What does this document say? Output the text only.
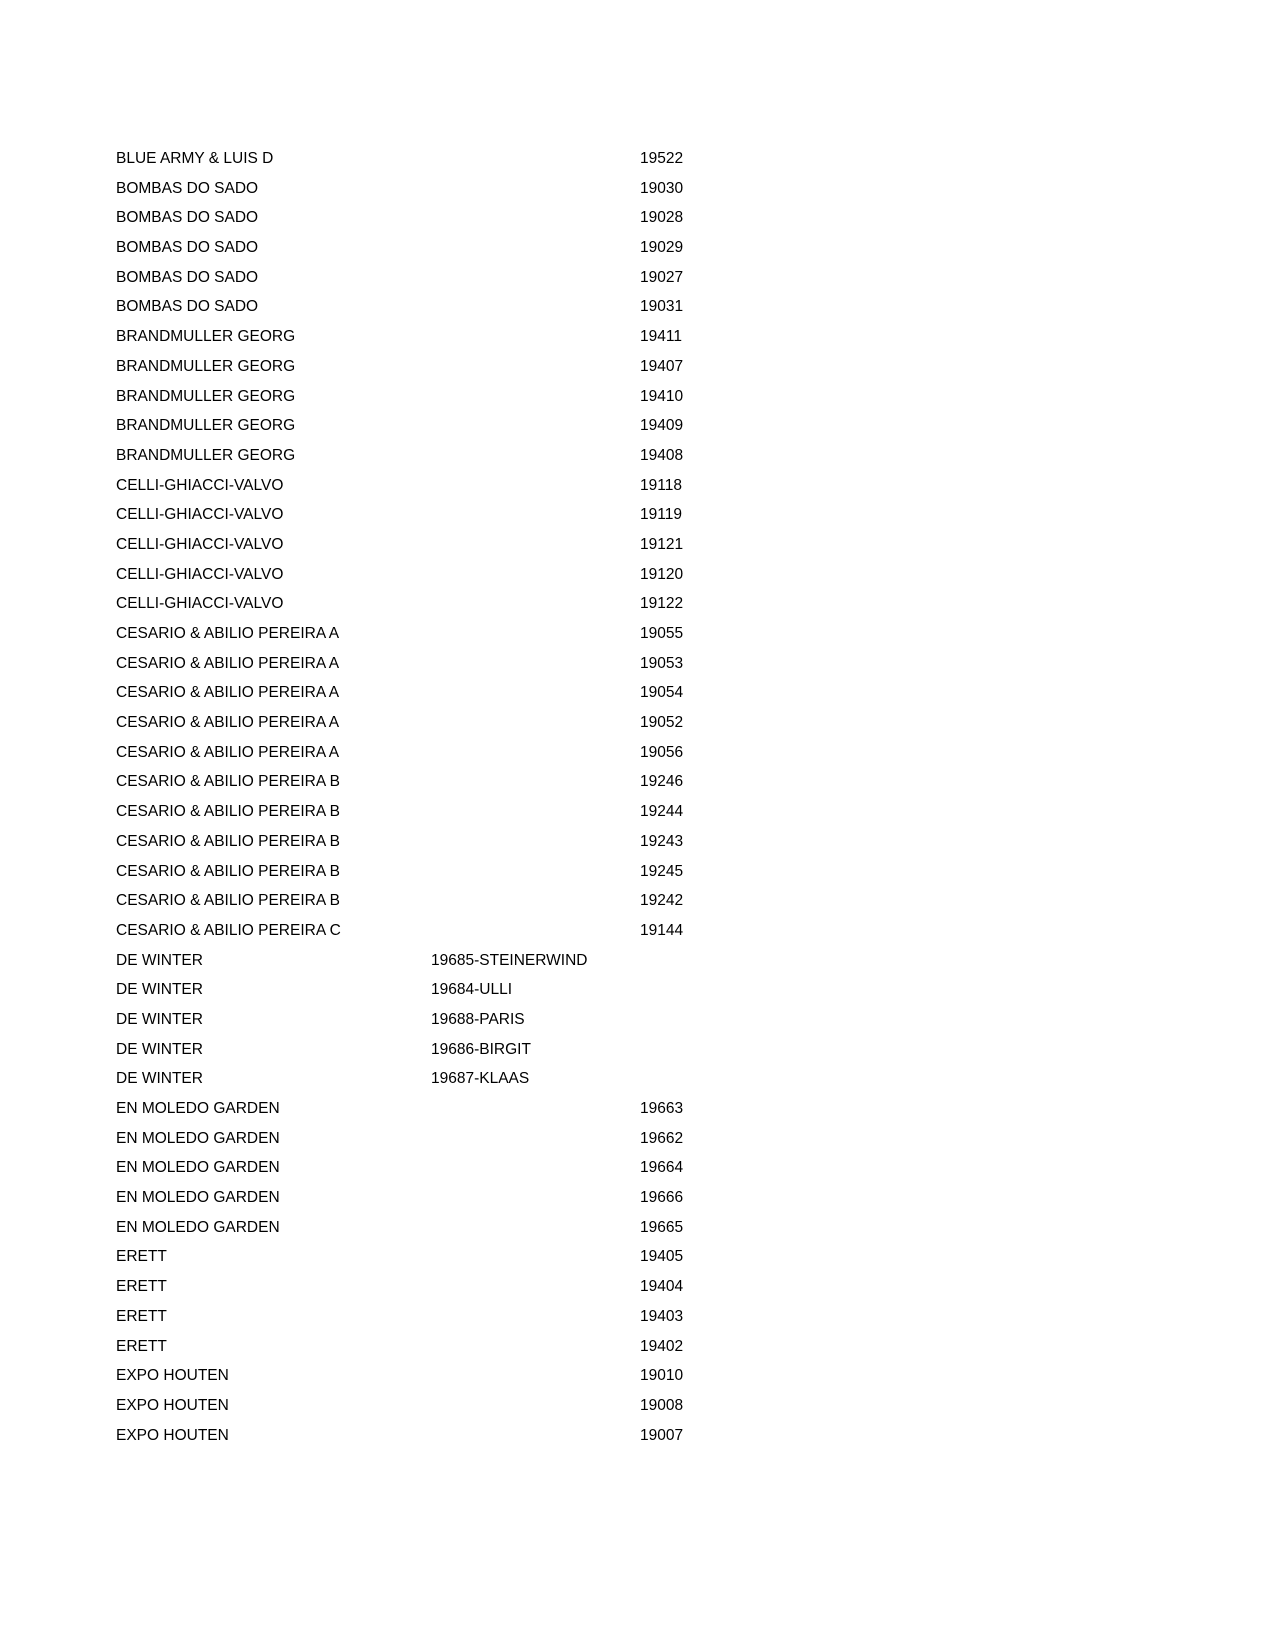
BLUE ARMY & LUIS D	19522
BOMBAS DO SADO	19030
BOMBAS DO SADO	19028
BOMBAS DO SADO	19029
BOMBAS DO SADO	19027
BOMBAS DO SADO	19031
BRANDMULLER GEORG	19411
BRANDMULLER GEORG	19407
BRANDMULLER GEORG	19410
BRANDMULLER GEORG	19409
BRANDMULLER GEORG	19408
CELLI-GHIACCI-VALVO	19118
CELLI-GHIACCI-VALVO	19119
CELLI-GHIACCI-VALVO	19121
CELLI-GHIACCI-VALVO	19120
CELLI-GHIACCI-VALVO	19122
CESARIO & ABILIO PEREIRA A	19055
CESARIO & ABILIO PEREIRA A	19053
CESARIO & ABILIO PEREIRA A	19054
CESARIO & ABILIO PEREIRA A	19052
CESARIO & ABILIO PEREIRA A	19056
CESARIO & ABILIO PEREIRA B	19246
CESARIO & ABILIO PEREIRA B	19244
CESARIO & ABILIO PEREIRA B	19243
CESARIO & ABILIO PEREIRA B	19245
CESARIO & ABILIO PEREIRA B	19242
CESARIO & ABILIO PEREIRA C	19144
DE WINTER	19685-STEINERWIND
DE WINTER	19684-ULLI
DE WINTER	19688-PARIS
DE WINTER	19686-BIRGIT
DE WINTER	19687-KLAAS
EN MOLEDO GARDEN	19663
EN MOLEDO GARDEN	19662
EN MOLEDO GARDEN	19664
EN MOLEDO GARDEN	19666
EN MOLEDO GARDEN	19665
ERETT	19405
ERETT	19404
ERETT	19403
ERETT	19402
EXPO HOUTEN	19010
EXPO HOUTEN	19008
EXPO HOUTEN	19007
